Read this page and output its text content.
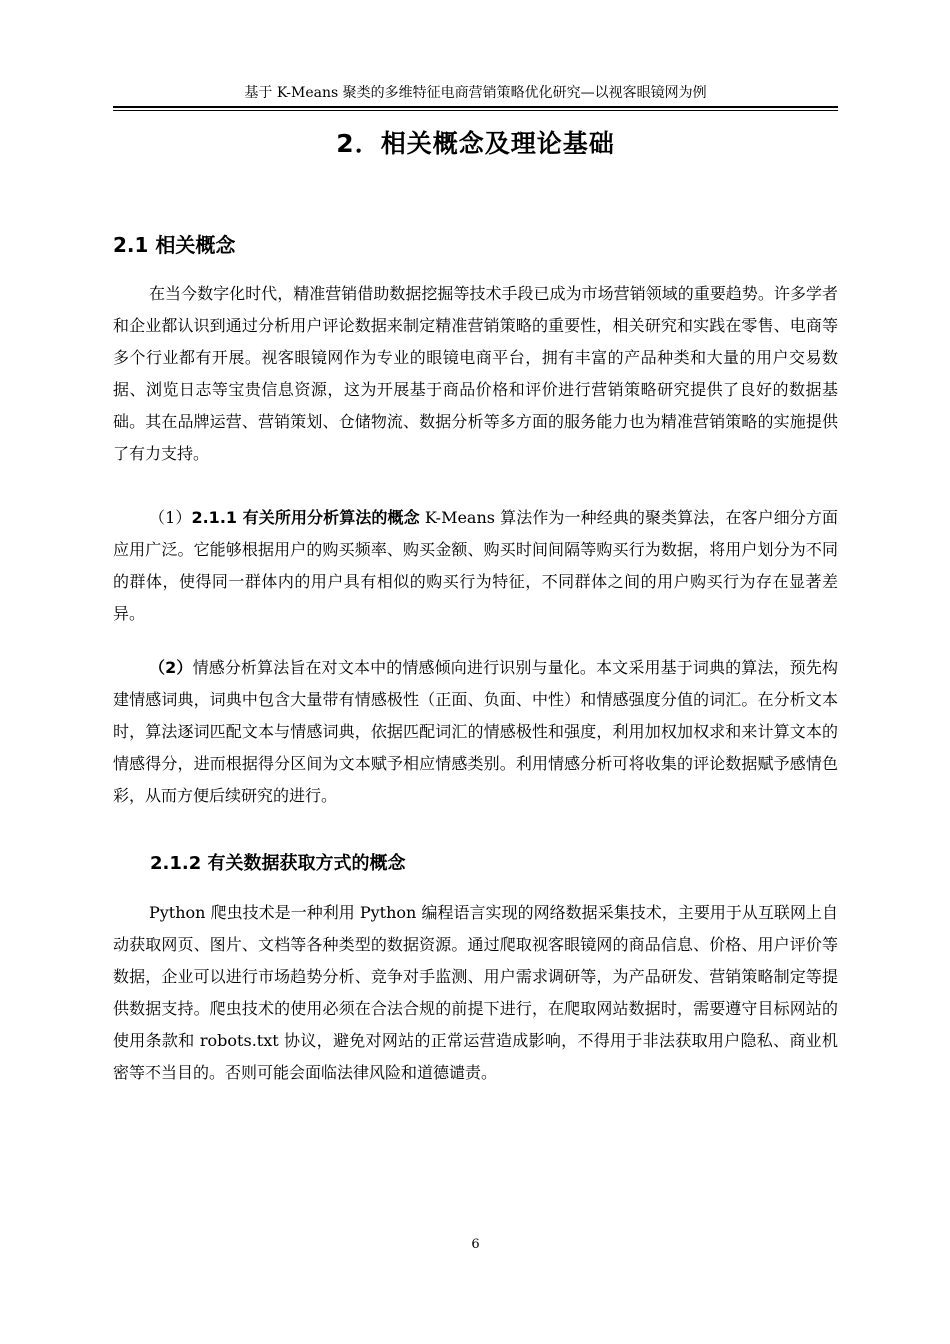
基于 K-Means 聚类的多维特征电商营销策略优化研究—以视客眼镜网为例
2．相关概念及理论基础
2.1 相关概念

在当今数字化时代，精准营销借助数据挖掘等技术手段已成为市场营销领域的重要趋势。许多学者和企业都认识到通过分析用户评论数据来制定精准营销策略的重要性，相关研究和实践在零售、电商等多个行业都有开展。视客眼镜网作为专业的眼镜电商平台，拥有丰富的产品种类和大量的用户交易数据、浏览日志等宝贵信息资源，这为开展基于商品价格和评价进行营销策略研究提供了良好的数据基础。其在品牌运营、营销策划、仓储物流、数据分析等多方面的服务能力也为精准营销策略的实施提供了有力支持。

（1）2.1.1 有关所用分析算法的概念 K-Means 算法作为一种经典的聚类算法，在客户细分方面应用广泛。它能够根据用户的购买频率、购买金额、购买时间间隔等购买行为数据，将用户划分为不同的群体，使得同一群体内的用户具有相似的购买行为特征，不同群体之间的用户购买行为存在显著差异。

（2）情感分析算法旨在对文本中的情感倾向进行识别与量化。本文采用基于词典的算法，预先构建情感词典，词典中包含大量带有情感极性（正面、负面、中性）和情感强度分值的词汇。在分析文本时，算法逐词匹配文本与情感词典，依据匹配词汇的情感极性和强度，利用加权加权求和来计算文本的情感得分，进而根据得分区间为文本赋予相应情感类别。利用情感分析可将收集的评论数据赋予感情色彩，从而方便后续研究的进行。

2.1.2 有关数据获取方式的概念

Python 爬虫技术是一种利用 Python 编程语言实现的网络数据采集技术，主要用于从互联网上自动获取网页、图片、文档等各种类型的数据资源。通过爬取视客眼镜网的商品信息、价格、用户评价等数据，企业可以进行市场趋势分析、竞争对手监测、用户需求调研等，为产品研发、营销策略制定等提供数据支持。爬虫技术的使用必须在合法合规的前提下进行，在爬取网站数据时，需要遵守目标网站的使用条款和 robots.txt 协议，避免对网站的正常运营造成影响，不得用于非法获取用户隐私、商业机密等不当目的。否则可能会面临法律风险和道德谴责。

6
